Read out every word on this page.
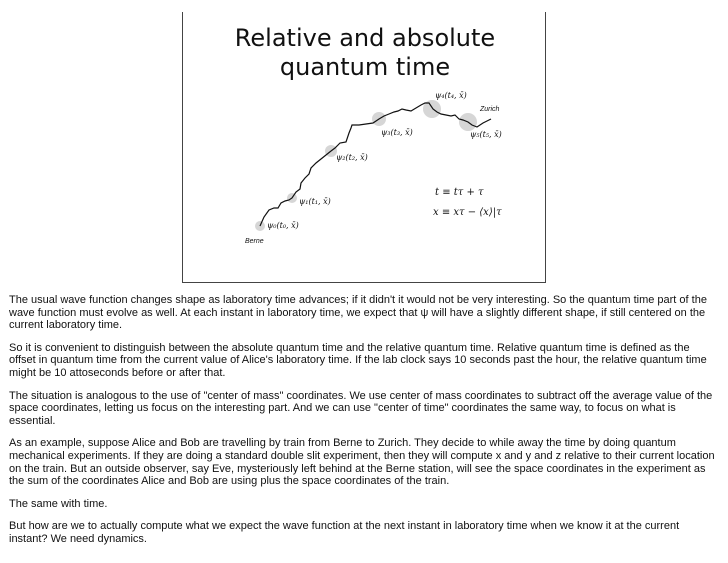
Relative and absolute
quantum time
Berne
Zurich
ψ₀(t₀, x̄)
ψ₁(t₁, x̄)
ψ₂(t₂, x̄)
ψ₃(t₃, x̄)
ψ₄(t₄, x̄)
ψ₅(t₅, x̄)
t ≡ tτ + τ
x ≡ xτ − ⟨x⟩|τ

The usual wave function changes shape as laboratory time advances; if it didn't it would not be very interesting. So the quantum time part of the wave function must evolve as well. At each instant in laboratory time, we expect that ψ will have a slightly different shape, if still centered on the current laboratory time.

So it is convenient to distinguish between the absolute quantum time and the relative quantum time. Relative quantum time is defined as the offset in quantum time from the current value of Alice's laboratory time. If the lab clock says 10 seconds past the hour, the relative quantum time might be 10 attoseconds before or after that.

The situation is analogous to the use of "center of mass" coordinates. We use center of mass coordinates to subtract off the average value of the space coordinates, letting us focus on the interesting part. And we can use "center of time" coordinates the same way, to focus on what is essential.

As an example, suppose Alice and Bob are travelling by train from Berne to Zurich. They decide to while away the time by doing quantum mechanical experiments. If they are doing a standard double slit experiment, then they will compute x and y and z relative to their current location on the train. But an outside observer, say Eve, mysteriously left behind at the Berne station, will see the space coordinates in the experiment as the sum of the coordinates Alice and Bob are using plus the space coordinates of the train.

The same with time.

But how are we to actually compute what we expect the wave function at the next instant in laboratory time when we know it at the current instant? We need dynamics.
